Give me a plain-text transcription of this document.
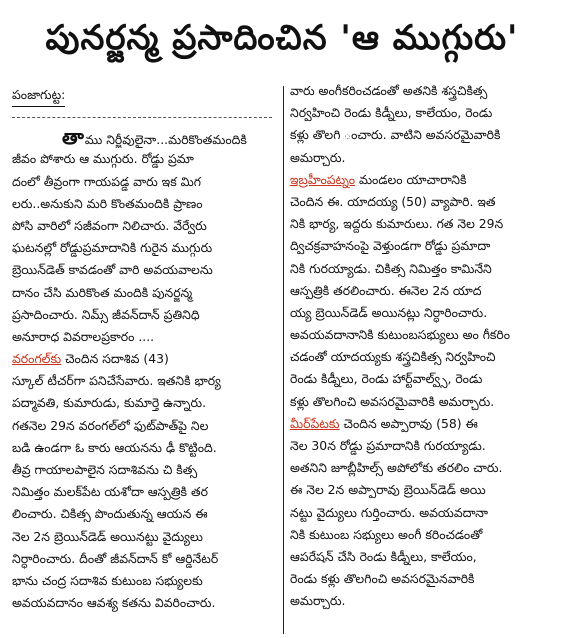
పునర్జన్మ ప్రసాదించిన 'ఆ ముగ్గురు'
పంజాగుట్ట:
తాము నిర్జీవులైనా...మరికొంతమందికి
జీవం పోశారు ఆ ముగ్గురు. రోడ్డు ప్రమా
దంలో తీవ్రంగా గాయపడ్డ వారు ఇక మిగ
లరు..అనుకుని మరి కొంతమందికి ప్రాణం
పోసి వారిలో సజీవంగా నిలిచారు. వేర్వేరు
ఘటనల్లో రోడ్డుప్రమాదానికి గురైన ముగ్గురు
బ్రెయిన్‌డెత్ కావడంతో వారి అవయవాలను
దానం చేసి మరికొంత మందికి పునర్జన్మ
ప్రసాదించారు. నిమ్స్ జీవన్‌దాన్ ప్రతినిధి
అనూరాధ వివరాలప్రకారం ....
వరంగల్‌కు చెందిన సదాశివ (43)
స్కూల్ టీచర్‌గా పనిచేసేవారు. ఇతనికి భార్య
పద్మావతి, కుమారుడు, కుమార్తె ఉన్నారు.
గతనెల 29న వరంగల్‌లో ఫుట్‌పాత్‌పై నిల
బడి ఉండగా ఓ కారు ఆయనను ఢీ కొట్టింది.
తీవ్ర గాయాలపాలైన సదాశివను చి కిత్స
నిమిత్తం మలక్‌పేట యశోదా ఆస్పత్రికి తర
లించారు. చికిత్స పొందుతున్న ఆయన ఈ
నెల 2న బ్రెయిన్‌డెడ్ అయినట్టు వైద్యులు
నిర్ధారించారు. దీంతో జీవన్‌దాన్ కో ఆర్డినేటర్
భాను చంద్ర సదాశివ కుటుంబ సభ్యులకు
అవయవదానం ఆవశ్య కతను వివరించారు.
వారు అంగీకరించడంతో అతనికి శస్త్రచికిత్స
నిర్వహించి రెండు కిడ్నీలు, కాలేయం, రెండు
కళ్లు తొలగి ంచారు. వాటిని అవసరమైవారికి
అమర్చారు.
ఇబ్రహీంపట్నం మండలం యాచారానికి
చెందిన ఈ. యాదయ్య (50) వ్యాపారి. ఇత
నికి భార్య, ఇద్దరు కుమారులు. గత నెల 29న
ద్విచక్రవాహనంపై వెళ్తుండగా రోడ్డు ప్రమాదా
నికి గురయ్యాడు. చికిత్స నిమిత్తం కామినేని
ఆస్పత్రికి తరలించారు. ఈనెల 2న యాద
య్య బ్రెయిన్‌డెడ్ అయినట్లు నిర్ధారించారు.
అవయవదానానికి కుటుంబసభ్యులు అం గీకరిం
చడంతో యాదయ్యకు శస్త్రచికిత్స నిర్వహించి
రెండు కిడ్నీలు, రెండు హార్ట్‌వాల్వ్స్, రెండు
కళ్లు తొలగించి అవసరమైవారికి అమర్చారు.
మీర్‌పేటకు చెందిన అప్పారావు (58) ఈ
నెల 30న రోడ్డు ప్రమాదానికి గురయ్యాడు.
అతనిని జూబ్లీహిల్స్ అపోలోకు తరలిం చారు.
ఈ నెల 2న అప్పారావు బ్రెయిన్‌డెడ్ అయి
నట్టు వైద్యులు గుర్తించారు. అవయవదానా
నికి కుటుంబ సభ్యులు అంగీ కరించడంతో
ఆపరేషన్ చేసి రెండు కిడ్నీలు, కాలేయం,
రెండు కళ్లు తొలగించి అవసరమైనవారికి
అమర్చారు.
